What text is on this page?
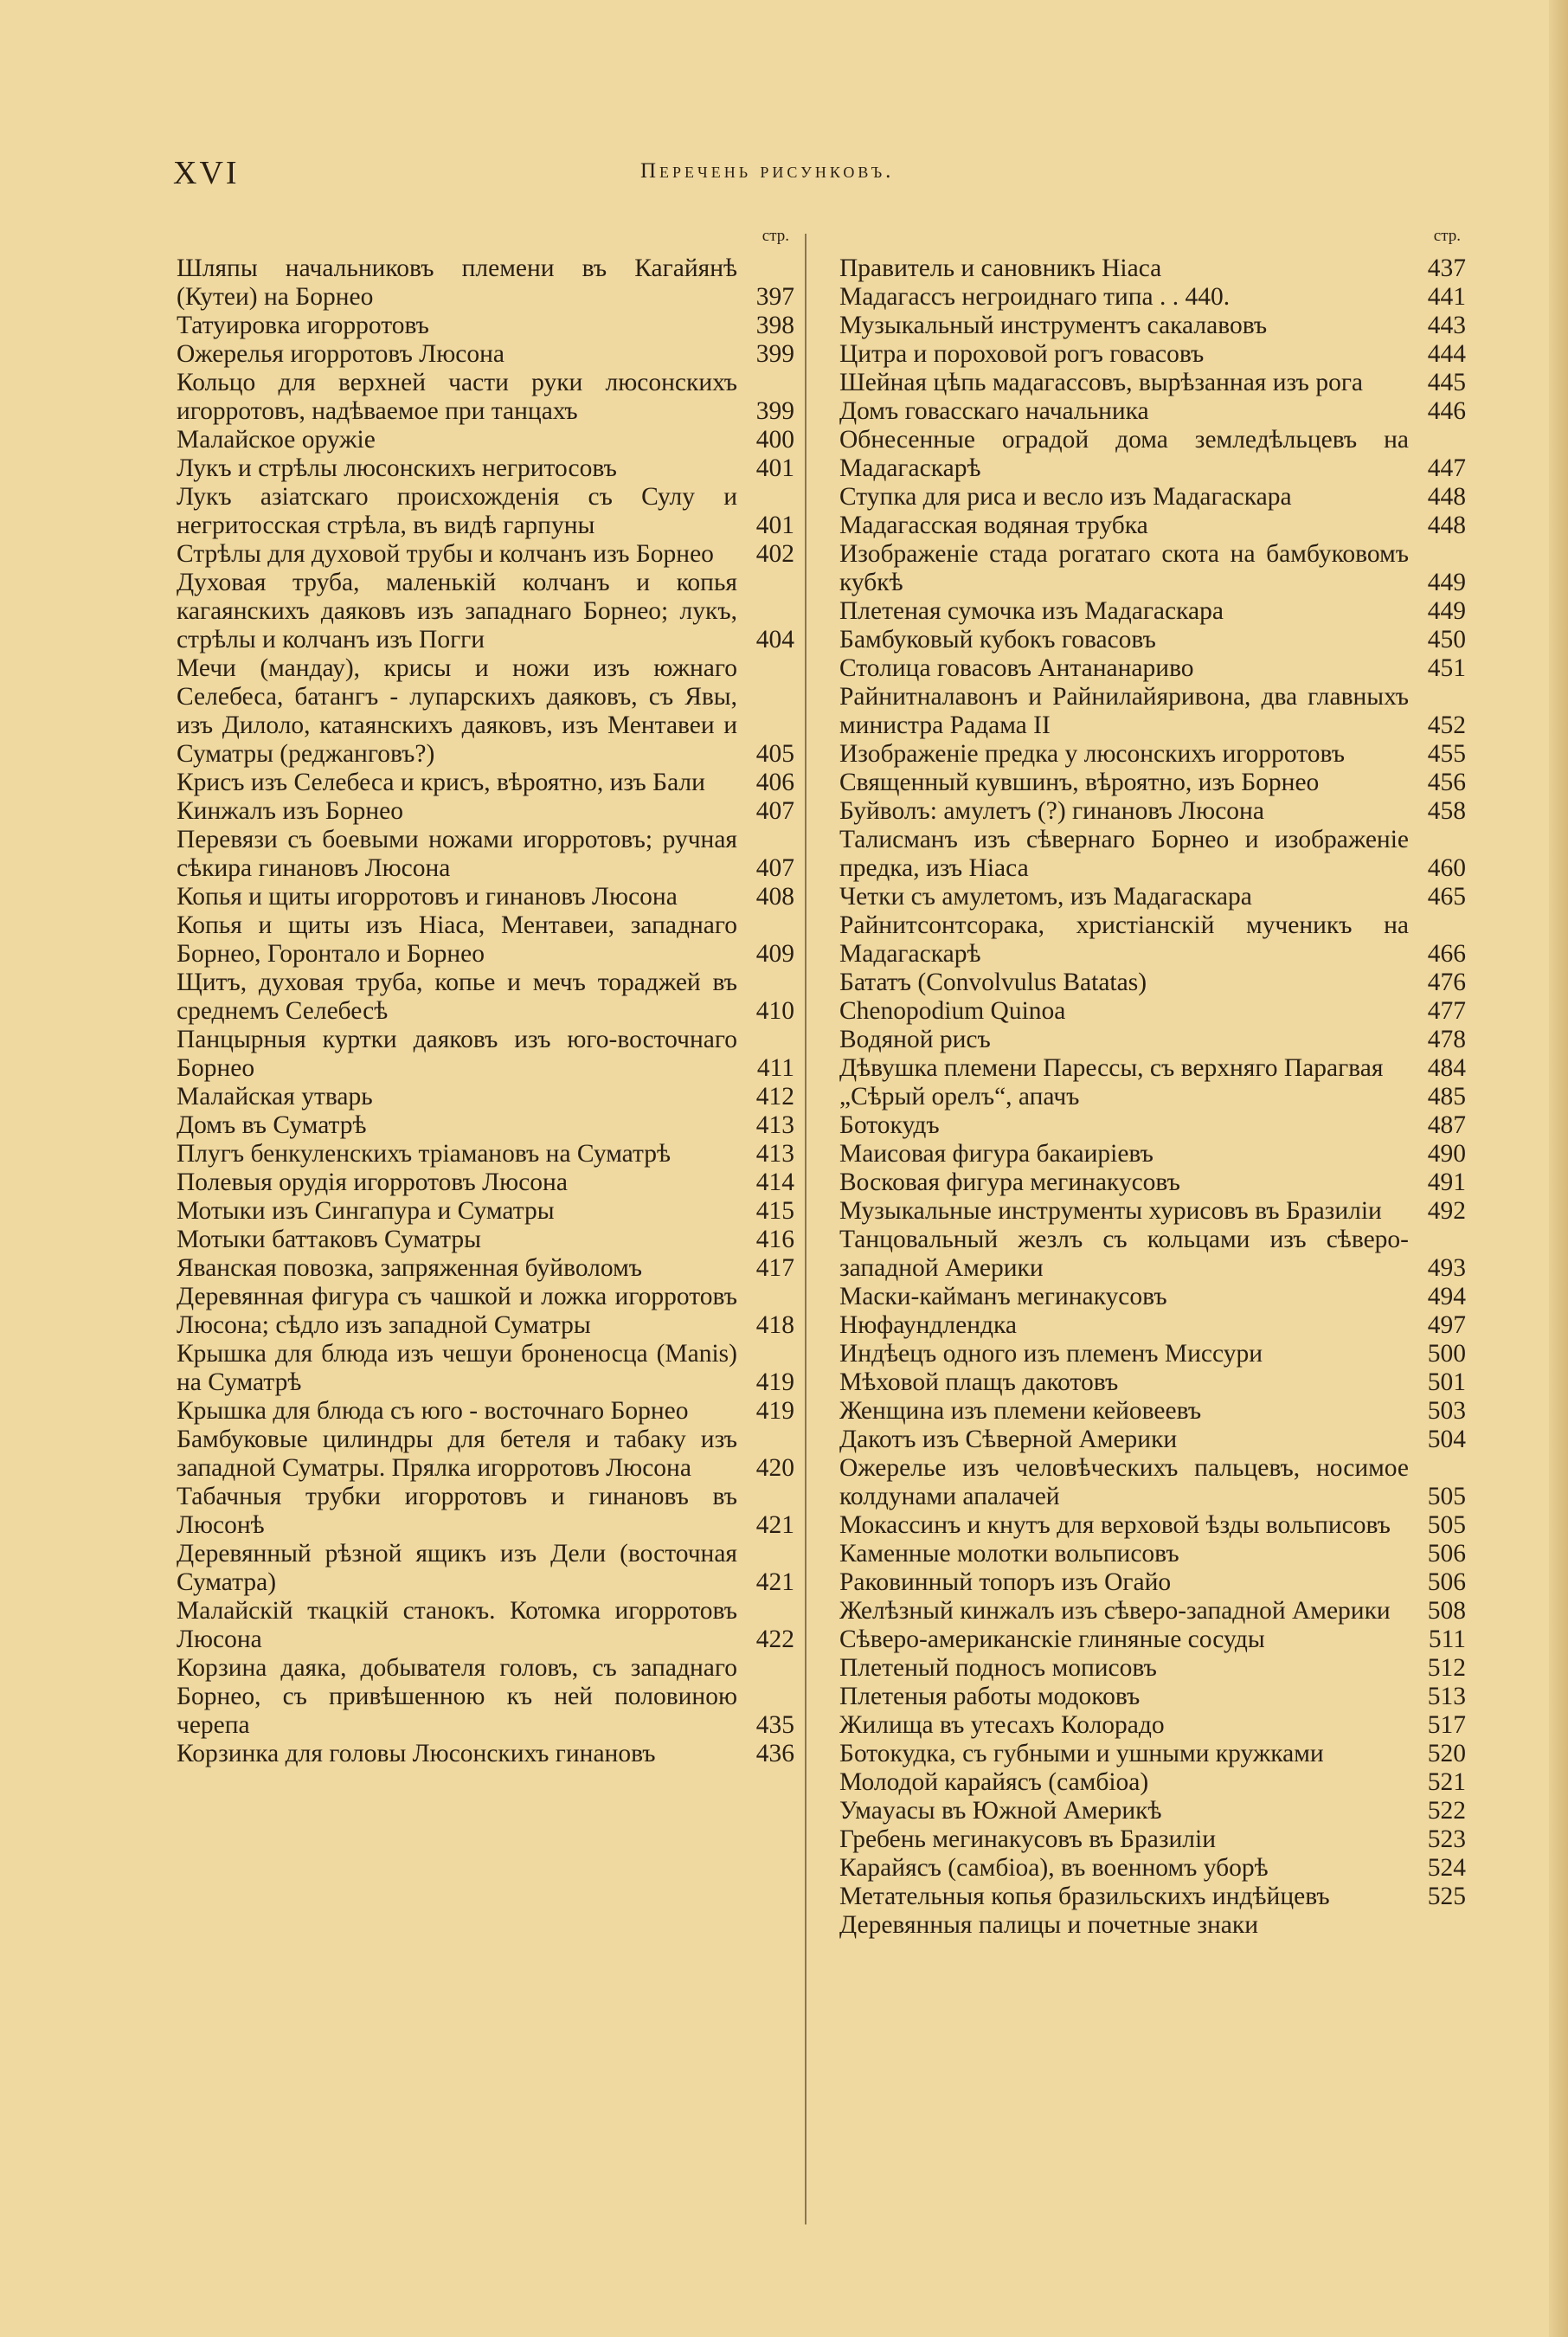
XVI	Перечень рисунковъ.
стр.
Шляпы начальниковъ племени въ Кагайянѣ (Кутеи) на Борнео	397
Татуировка игорротовъ	398
Ожерелья игорротовъ Люсона	399
Кольцо для верхней части руки люсонскихъ игорротовъ, надѣваемое при танцахъ	399
Малайское оружіе	400
Лукъ и стрѣлы люсонскихъ негритосовъ	401
Лукъ азіатскаго происхожденія съ Сулу и негритосская стрѣла, въ видѣ гарпуны	401
Стрѣлы для духовой трубы и колчанъ изъ Борнео	402
Духовая труба, маленькій колчанъ и копья кагаянскихъ даяковъ изъ западнаго Борнео; лукъ, стрѣлы и колчанъ изъ Погги	404
Мечи (мандау), крисы и ножи изъ южнаго Селебеса, батангъ - лупарскихъ даяковъ, съ Явы, изъ Дилоло, катаянскихъ даяковъ, изъ Ментавеи и Суматры (реджанговъ?)	405
Крисъ изъ Селебеса и крисъ, вѣроятно, изъ Бали	406
Кинжалъ изъ Борнео	407
Перевязи съ боевыми ножами игорротовъ; ручная сѣкира гинановъ Люсона	407
Копья и щиты игорротовъ и гинановъ Люсона	408
Копья и щиты изъ Ніаса, Ментавеи, западнаго Борнео, Горонтало и Борнео	409
Щитъ, духовая труба, копье и мечъ тораджей въ среднемъ Селебесѣ	410
Панцырныя куртки даяковъ изъ юго-восточнаго Борнео	411
Малайская утварь	412
Домъ въ Суматрѣ	413
Плугъ бенкуленскихъ тріамановъ на Суматрѣ	413
Полевыя орудія игорротовъ Люсона	414
Мотыки изъ Сингапура и Суматры	415
Мотыки баттаковъ Суматры	416
Яванская повозка, запряженная буйволомъ	417
Деревянная фигура съ чашкой и ложка игорротовъ Люсона; сѣдло изъ западной Суматры	418
Крышка для блюда изъ чешуи броненосца (Manis) на Суматрѣ	419
Крышка для блюда съ юго - восточнаго Борнео	419
Бамбуковые цилиндры для бетеля и табаку изъ западной Суматры. Прялка игорротовъ Люсона	420
Табачныя трубки игорротовъ и гинановъ въ Люсонѣ	421
Деревянный рѣзной ящикъ изъ Дели (восточная Суматра)	421
Малайскій ткацкій станокъ. Котомка игорротовъ Люсона	422
Корзина даяка, добывателя головъ, съ западнаго Борнео, съ привѣшенною къ ней половиною черепа	435
Корзинка для головы Люсонскихъ гинановъ	436
стр.
Правитель и сановникъ Ніаса	437
Мадагассъ негроиднаго типа . . 440.	441
Музыкальный инструментъ сакалавовъ	443
Цитра и пороховой рогъ говасовъ	444
Шейная цѣпь мадагассовъ, вырѣзанная изъ рога	445
Домъ говасскаго начальника	446
Обнесенные оградой дома земледѣльцевъ на Мадагаскарѣ	447
Ступка для риса и весло изъ Мадагаскара	448
Мадагасская водяная трубка	448
Изображеніе стада рогатаго скота на бамбуковомъ кубкѣ	449
Плетеная сумочка изъ Мадагаскара	449
Бамбуковый кубокъ говасовъ	450
Столица говасовъ Антананариво	451
Райнитналавонъ и Райнилайяривона, два главныхъ министра Радама II	452
Изображеніе предка у люсонскихъ игорротовъ	455
Священный кувшинъ, вѣроятно, изъ Борнео	456
Буйволъ: амулетъ (?) гинановъ Люсона	458
Талисманъ изъ сѣвернаго Борнео и изображеніе предка, изъ Ніаса	460
Четки съ амулетомъ, изъ Мадагаскара	465
Райнитсонтсорака, христіанскій мученикъ на Мадагаскарѣ	466
Бататъ (Convolvulus Batatas)	476
Chenopodium Quinoa	477
Водяной рисъ	478
Дѣвушка племени Парессы, съ верхняго Парагвая	484
„Сѣрый орелъ“, апачъ	485
Ботокудъ	487
Маисовая фигура бакаиріевъ	490
Восковая фигура мегинакусовъ	491
Музыкальные инструменты хурисовъ въ Бразиліи	492
Танцовальный жезлъ съ кольцами изъ сѣверо-западной Америки	493
Маски-кайманъ мегинакусовъ	494
Нюфаундлендка	497
Индѣецъ одного изъ племенъ Миссури	500
Мѣховой плащъ дакотовъ	501
Женщина изъ племени кейовеевъ	503
Дакотъ изъ Сѣверной Америки	504
Ожерелье изъ человѣческихъ пальцевъ, носимое колдунами апалачей	505
Мокассинъ и кнутъ для верховой ѣзды вольписовъ	505
Каменные молотки вольписовъ	506
Раковинный топоръ изъ Огайо	506
Желѣзный кинжалъ изъ сѣверо-западной Америки	508
Сѣверо-американскіе глиняные сосуды	511
Плетеный подносъ мописовъ	512
Плетеныя работы модоковъ	513
Жилища въ утесахъ Колорадо	517
Ботокудка, съ губными и ушными кружками	520
Молодой карайясъ (самбіоа)	521
Умаyасы въ Южной Америкѣ	522
Гребень мегинакусовъ въ Бразиліи	523
Карайясъ (самбіоа), въ военномъ уборѣ	524
Метательныя копья бразильскихъ индѣйцевъ	525
Деревянныя палицы и почетные знаки
